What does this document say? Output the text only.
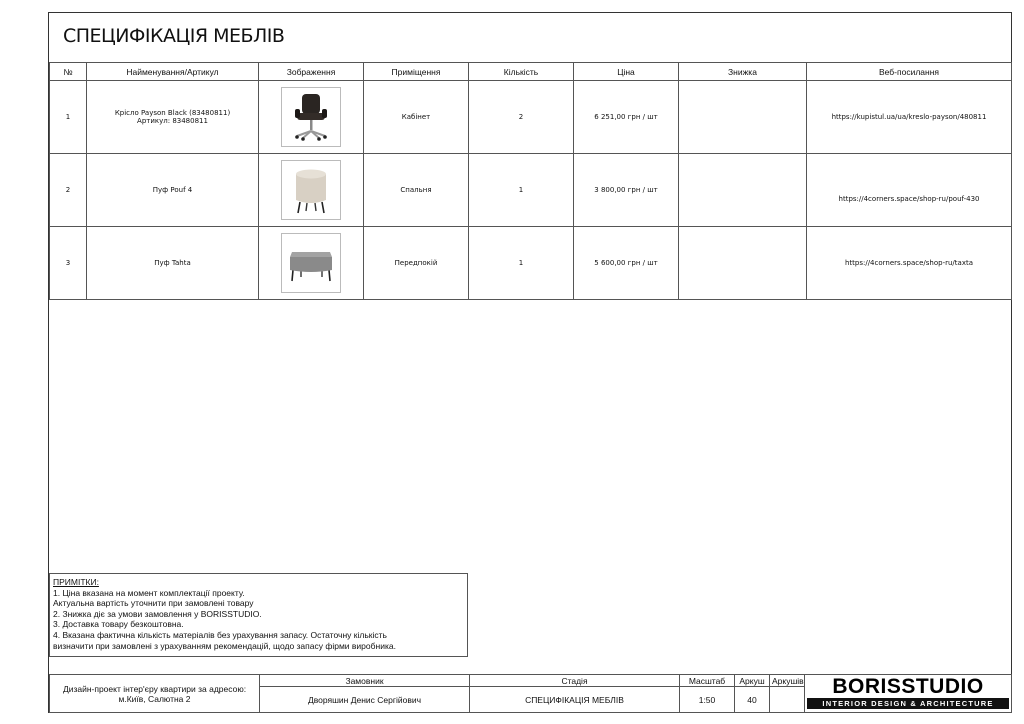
СПЕЦИФІКАЦІЯ МЕБЛІВ
№	Найменування/Артикул	Зображення	Приміщення	Кількість	Ціна	Знижка	Веб-посилання
1	Крісло Payson Black (83480811)
Артикул: 83480811		Кабінет	2	6 251,00 грн / шт		https://kupistul.ua/ua/kreslo-payson/480811
2	Пуф Pouf 4		Спальня	1	3 800,00 грн / шт		https://4corners.space/shop-ru/pouf-430

3	Пуф Tahta		Передпокій	1	5 600,00 грн / шт		https://4corners.space/shop-ru/taxta
ПРИМІТКИ:
1. Ціна вказана на момент комплектації проекту.
Актуальна вартість уточнити при замовлені товару
2. Знижка діє за умови замовлення у BORISSTUDIO.
3. Доставка товару безкоштовна.
4. Вказана фактична кількість матеріалів без урахування запасу. Остаточну кількість
визначити при замовлені з урахуванням рекомендацій, щодо запасу фірми виробника.
Дизайн-проект інтер'єру квартири за адресою: м.Київ, Салютна 2	Замовник	Стадія	Масштаб	Аркуш	Аркушів	BORISSTUDIO
INTERIOR DESIGN & ARCHITECTURE

	Дворяшин Денис Сергійович	СПЕЦИФІКАЦІЯ МЕБЛІВ	1:50	40		
